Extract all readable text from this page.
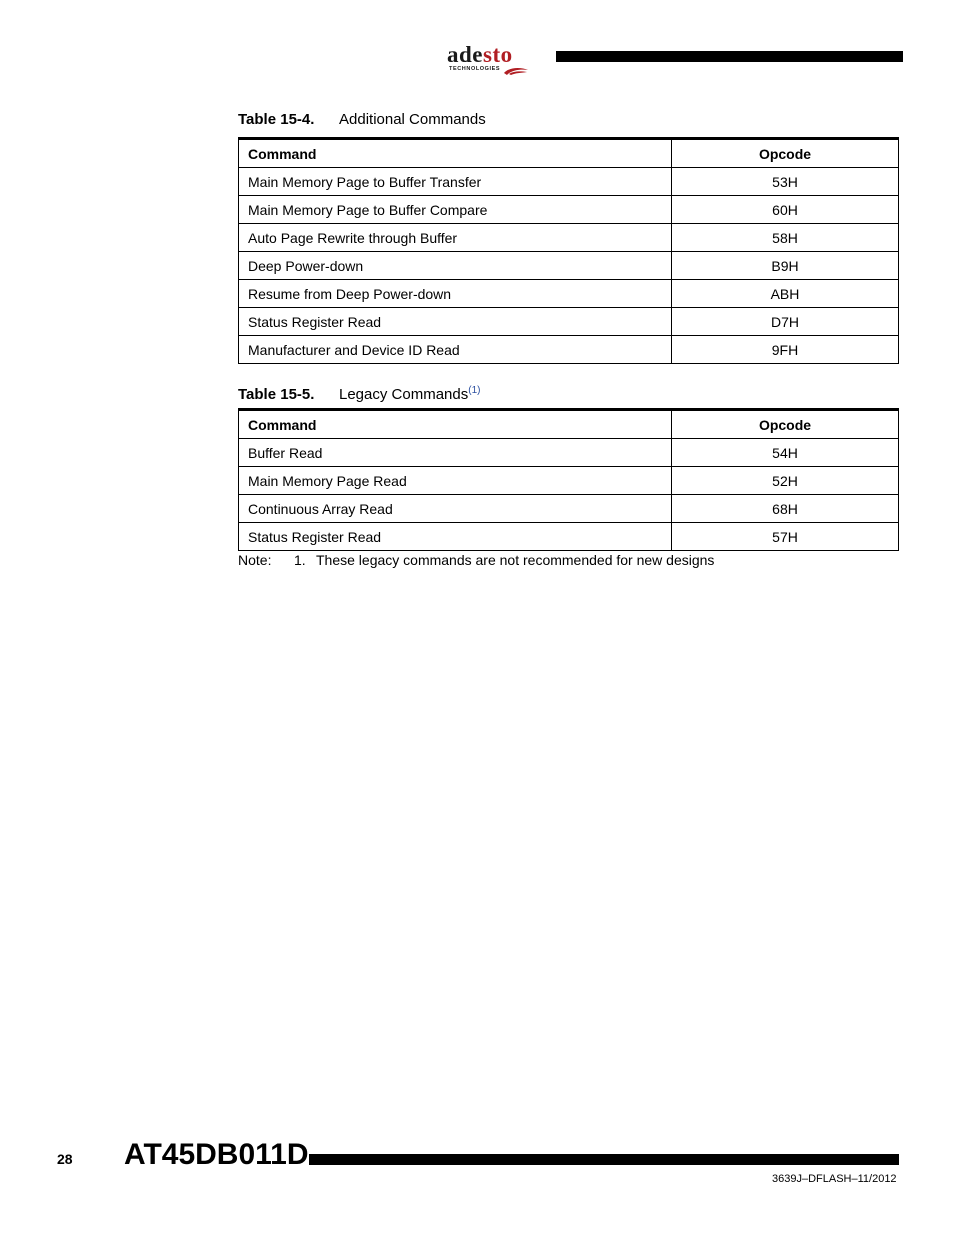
adesto
TECHNOLOGIES
Table 15-4. Additional Commands
Command	Opcode
Main Memory Page to Buffer Transfer	53H
Main Memory Page to Buffer Compare	60H
Auto Page Rewrite through Buffer	58H
Deep Power-down	B9H
Resume from Deep Power-down	ABH
Status Register Read	D7H
Manufacturer and Device ID Read	9FH
Table 15-5. Legacy Commands$^{(1)}$
Command	Opcode
Buffer Read	54H
Main Memory Page Read	52H
Continuous Array Read	68H
Status Register Read	57H
Note: 1. These legacy commands are not recommended for new designs
28 AT45DB011D
3639J–DFLASH–11/2012
